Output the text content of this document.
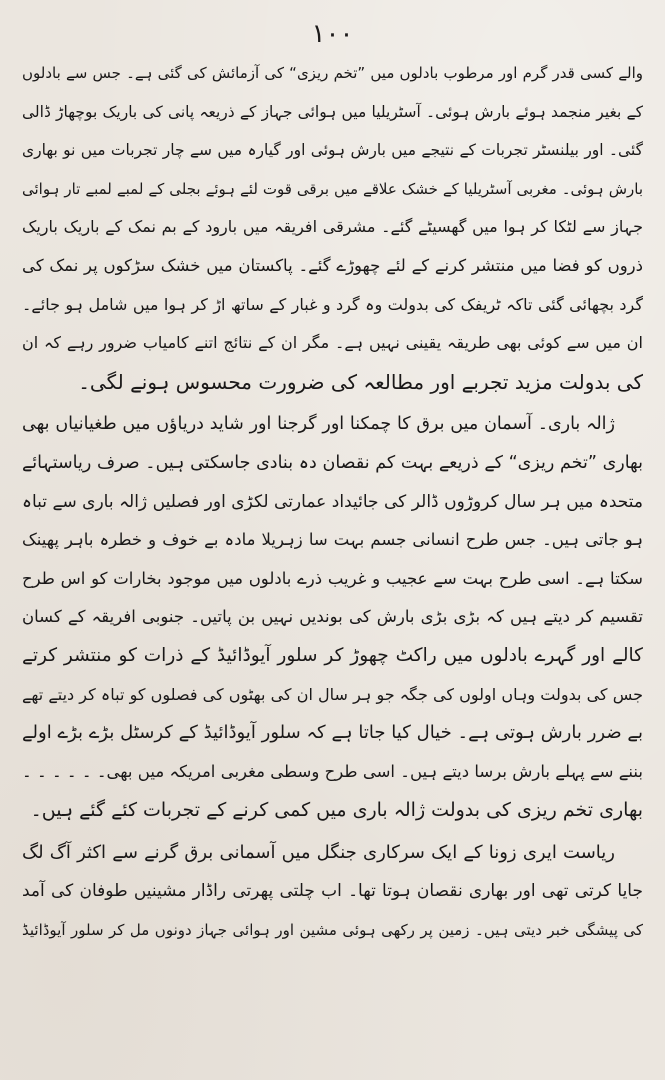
١٠٠
والے کسی قدر گرم اور مرطوب بادلوں میں ”تخم ریزی“ کی آزمائش کی گئی ہے۔ جس سے بادلوں
کے بغیر منجمد ہوئے بارش ہوئی۔ آسٹریلیا میں ہوائی جہاز کے ذریعہ پانی کی باریک بوچھاڑ ڈالی
گئی۔ اور بیلنسٹر تجربات کے نتیجے میں بارش ہوئی اور گیارہ میں سے چار تجربات میں نو بھاری
بارش ہوئی۔ مغربی آسٹریلیا کے خشک علاقے میں برقی قوت لئے ہوئے بجلی کے لمبے لمبے تار ہوائی
جہاز سے لٹکا کر ہوا میں گھسیٹے گئے۔ مشرقی افریقہ میں بارود کے بم نمک کے باریک باریک
ذروں کو فضا میں منتشر کرنے کے لئے چھوڑے گئے۔ پاکستان میں خشک سڑکوں پر نمک کی
گرد بچھائی گئی تاکہ ٹریفک کی بدولت وہ گرد و غبار کے ساتھ اڑ کر ہوا میں شامل ہو جائے۔
ان میں سے کوئی بھی طریقہ یقینی نہیں ہے۔ مگر ان کے نتائج اتنے کامیاب ضرور رہے کہ ان
کی بدولت مزید تجربے اور مطالعہ کی ضرورت محسوس ہونے لگی۔
ژالہ باری۔ آسمان میں برق کا چمکنا اور گرجنا اور شاید دریاؤں میں طغیانیاں بھی
بھاری ”تخم ریزی“ کے ذریعے بہت کم نقصان دہ بنادی جاسکتی ہیں۔ صرف ریاستہائے
متحدہ میں ہر سال کروڑوں ڈالر کی جائیداد عمارتی لکڑی اور فصلیں ژالہ باری سے تباہ
ہو جاتی ہیں۔ جس طرح انسانی جسم بہت سا زہریلا مادہ بے خوف و خطرہ باہر پھینک
سکتا ہے۔ اسی طرح بہت سے عجیب و غریب ذرے بادلوں میں موجود بخارات کو اس طرح
تقسیم کر دیتے ہیں کہ بڑی بڑی بارش کی بوندیں نہیں بن پاتیں۔ جنوبی افریقہ کے کسان
کالے اور گہرے بادلوں میں راکٹ چھوڑ کر سلور آیوڈائیڈ کے ذرات کو منتشر کرتے
جس کی بدولت وہاں اولوں کی جگہ جو ہر سال ان کی بھٹوں کی فصلوں کو تباہ کر دیتے تھے
بے ضرر بارش ہوتی ہے۔ خیال کیا جاتا ہے کہ سلور آیوڈائیڈ کے کرسٹل بڑے بڑے اولے
بننے سے پہلے بارش برسا دیتے ہیں۔ اسی طرح وسطی مغربی امریکہ میں بھی۔ ۔ ۔ ۔ ۔ ۔
بھاری تخم ریزی کی بدولت ژالہ باری میں کمی کرنے کے تجربات کئے گئے ہیں۔
ریاست ایری زونا کے ایک سرکاری جنگل میں آسمانی برق گرنے سے اکثر آگ لگ
جایا کرتی تھی اور بھاری نقصان ہوتا تھا۔ اب چلتی پھرتی راڈار مشینیں طوفان کی آمد
کی پیشگی خبر دیتی ہیں۔ زمین پر رکھی ہوئی مشین اور ہوائی جہاز دونوں مل کر سلور آیوڈائیڈ
